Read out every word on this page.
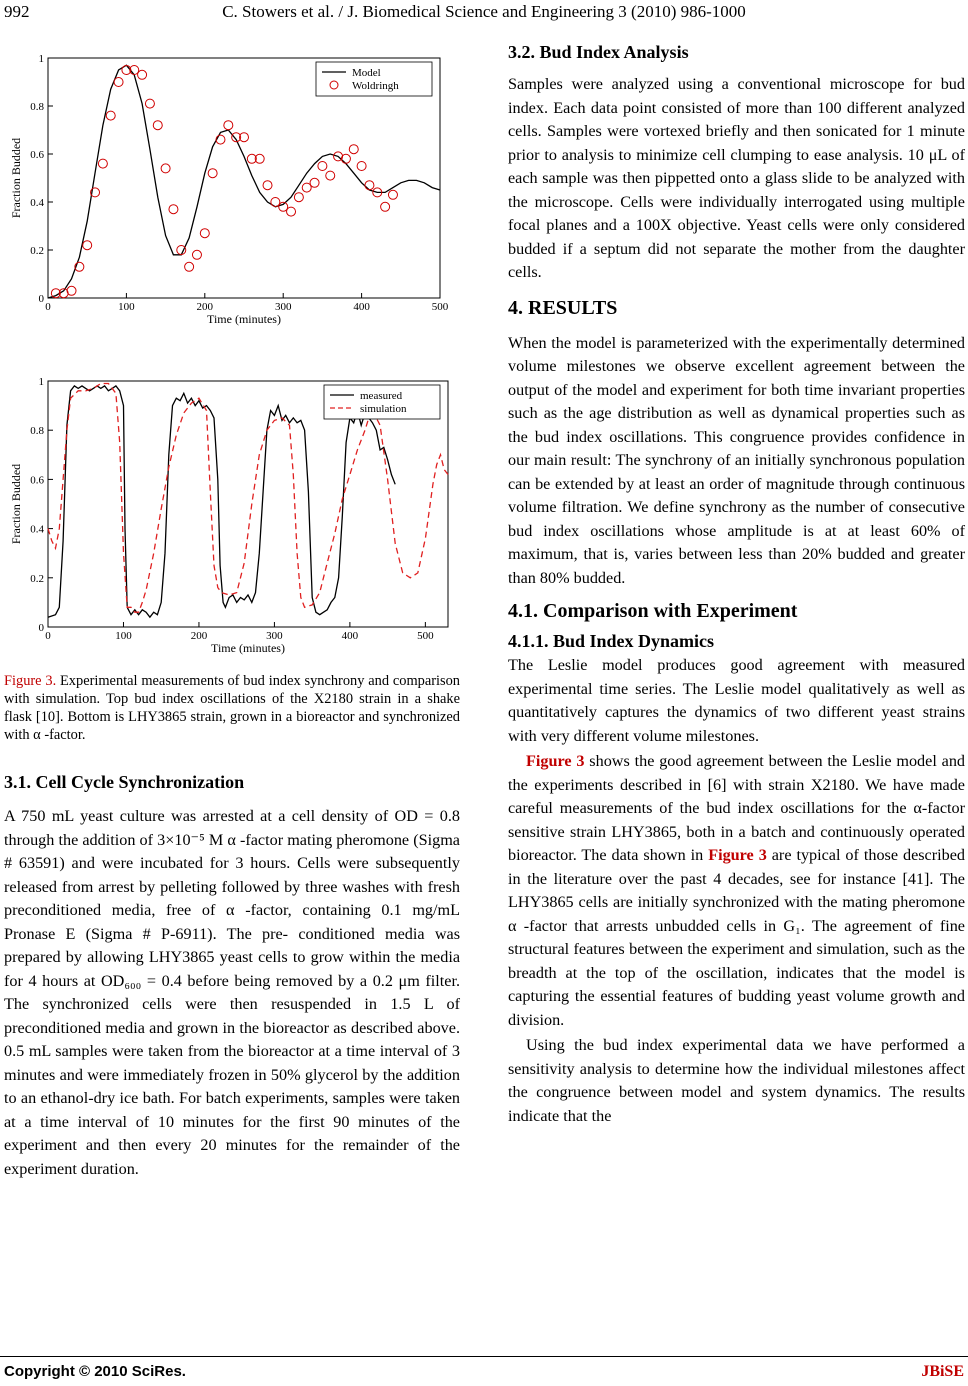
992	C. Stowers et al. / J. Biomedical Science and Engineering 3 (2010) 986-1000
0	100	200	300	400	500
0
0.2
0.4
0.6
0.8
1
Time (minutes)
Fraction Budded
Model
Woldringh
0	100	200	300	400	500
0
0.2
0.4
0.6
0.8
1
Time (minutes)
Fraction Budded
measured
simulation
Figure 3. Experimental measurements of bud index synchrony and comparison with simulation. Top bud index oscillations of the X2180 strain in a shake flask [10]. Bottom is LHY3865 strain, grown in a bioreactor and synchronized with α -factor.
3.1. Cell Cycle Synchronization

A 750 mL yeast culture was arrested at a cell density of OD = 0.8 through the addition of 3×10⁻⁵ M α -factor mating pheromone (Sigma # 63591) and were incubated for 3 hours. Cells were subsequently released from arrest by pelleting followed by three washes with fresh preconditioned media, free of α -factor, containing 0.1 mg/mL Pronase E (Sigma # P-6911). The pre- conditioned media was prepared by allowing LHY3865 yeast cells to grow within the media for 4 hours at OD₆₀₀ = 0.4 before being removed by a 0.2 μm filter. The synchronized cells were then resuspended in 1.5 L of preconditioned media and grown in the bioreactor as described above. 0.5 mL samples were taken from the bioreactor at a time interval of 3 minutes and were immediately frozen in 50% glycerol by the addition to an ethanol-dry ice bath. For batch experiments, samples were taken at a time interval of 10 minutes for the first 90 minutes of the experiment and then every 20 minutes for the remainder of the experiment duration.

3.2. Bud Index Analysis

Samples were analyzed using a conventional microscope for bud index. Each data point consisted of more than 100 different analyzed cells. Samples were vortexed briefly and then sonicated for 1 minute prior to analysis to minimize cell clumping to ease analysis. 10 μL of each sample was then pippetted onto a glass slide to be analyzed with the microscope. Cells were individually interrogated using multiple focal planes and a 100X objective. Yeast cells were only considered budded if a septum did not separate the mother from the daughter cells.

4. RESULTS

When the model is parameterized with the experimentally determined volume milestones we observe excellent agreement between the output of the model and experiment for both time invariant properties such as the age distribution as well as dynamical properties such as the bud index oscillations. This congruence provides confidence in our main result: The synchrony of an initially synchronous population can be extended by at least an order of magnitude through continuous volume filtration. We define synchrony as the number of consecutive bud index oscillations whose amplitude is at at least 60% of maximum, that is, varies between less than 20% budded and greater than 80% budded.

4.1. Comparison with Experiment
4.1.1. Bud Index Dynamics

The Leslie model produces good agreement with measured experimental time series. The Leslie model qualitatively as well as quantitatively captures the dynamics of two different yeast strains with very different volume milestones.

Figure 3 shows the good agreement between the Leslie model and the experiments described in [6] with strain X2180. We have made careful measurements of the bud index oscillations for the α-factor sensitive strain LHY3865, both in a batch and continuously operated bioreactor. The data shown in Figure 3 are typical of those described in the literature over the past 4 decades, see for instance [41]. The LHY3865 cells are initially synchronized with the mating pheromone α -factor that arrests unbudded cells in G₁. The agreement of fine structural features between the experiment and simulation, such as the breadth at the top of the oscillation, indicates that the model is capturing the essential features of budding yeast volume growth and division.

Using the bud index experimental data we have performed a sensitivity analysis to determine how the individual milestones affect the congruence between model and system dynamics. The results indicate that the

Copyright © 2010 SciRes.	JBiSE
